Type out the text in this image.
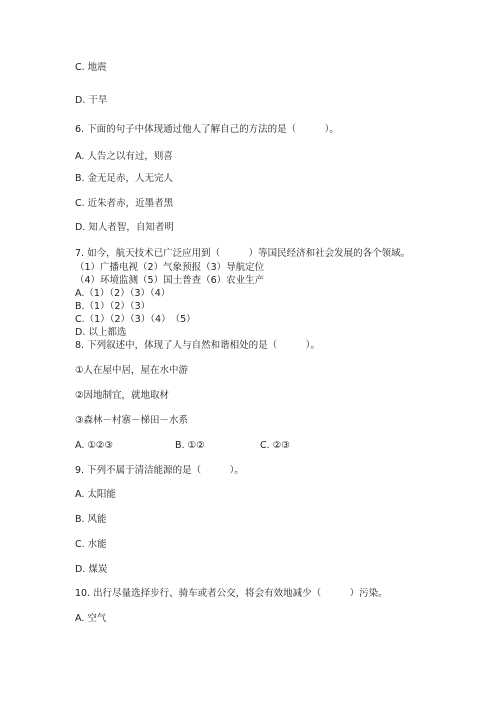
C. 地震
D. 干旱
6. 下面的句子中体现通过他人了解自己的方法的是（　　　）。
A. 人告之以有过，则喜
B. 金无足赤，人无完人
C. 近朱者赤，近墨者黑
D. 知人者智，自知者明
7. 如今，航天技术已广泛应用到（　　　）等国民经济和社会发展的各个领域。
（1）广播电视（2）气象预报（3）导航定位
（4）环境监测（5）国土普查（6）农业生产
A.（1）（2）（3）（4）
B.（1）（2）（3）
C.（1）（2）（3）（4）　（5）
D. 以上都选
8. 下列叙述中，体现了人与自然和谐相处的是（　　　）。
①人在屋中居，屋在水中游
②因地制宜，就地取材
③森林－村寨－梯田－水系
A. ①②③	B. ①②	C. ②③
9. 下列不属于清洁能源的是（　　　）。
A. 太阳能
B. 风能
C. 水能
D. 煤炭
10. 出行尽量选择步行、骑车或者公交，将会有效地减少（　　　）污染。
A. 空气
